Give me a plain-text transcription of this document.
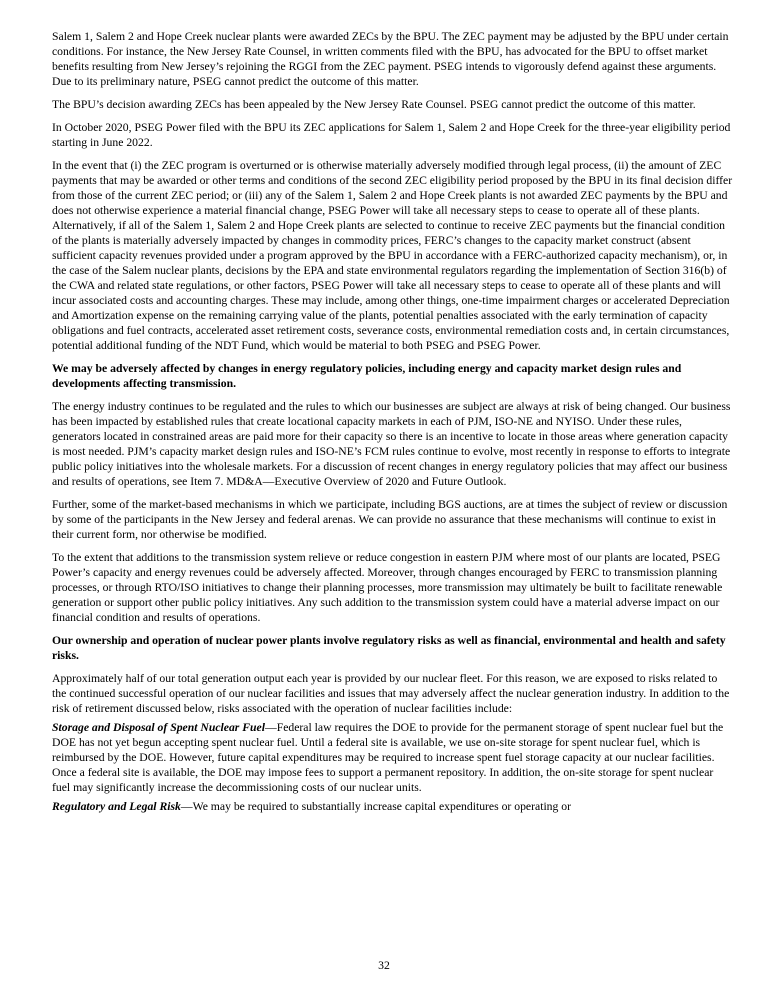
Salem 1, Salem 2 and Hope Creek nuclear plants were awarded ZECs by the BPU. The ZEC payment may be adjusted by the BPU under certain conditions. For instance, the New Jersey Rate Counsel, in written comments filed with the BPU, has advocated for the BPU to offset market benefits resulting from New Jersey’s rejoining the RGGI from the ZEC payment. PSEG intends to vigorously defend against these arguments. Due to its preliminary nature, PSEG cannot predict the outcome of this matter.

The BPU’s decision awarding ZECs has been appealed by the New Jersey Rate Counsel. PSEG cannot predict the outcome of this matter.

In October 2020, PSEG Power filed with the BPU its ZEC applications for Salem 1, Salem 2 and Hope Creek for the three-year eligibility period starting in June 2022.

In the event that (i) the ZEC program is overturned or is otherwise materially adversely modified through legal process, (ii) the amount of ZEC payments that may be awarded or other terms and conditions of the second ZEC eligibility period proposed by the BPU in its final decision differ from those of the current ZEC period; or (iii) any of the Salem 1, Salem 2 and Hope Creek plants is not awarded ZEC payments by the BPU and does not otherwise experience a material financial change, PSEG Power will take all necessary steps to cease to operate all of these plants. Alternatively, if all of the Salem 1, Salem 2 and Hope Creek plants are selected to continue to receive ZEC payments but the financial condition of the plants is materially adversely impacted by changes in commodity prices, FERC’s changes to the capacity market construct (absent sufficient capacity revenues provided under a program approved by the BPU in accordance with a FERC-authorized capacity mechanism), or, in the case of the Salem nuclear plants, decisions by the EPA and state environmental regulators regarding the implementation of Section 316(b) of the CWA and related state regulations, or other factors, PSEG Power will take all necessary steps to cease to operate all of these plants and will incur associated costs and accounting charges. These may include, among other things, one-time impairment charges or accelerated Depreciation and Amortization expense on the remaining carrying value of the plants, potential penalties associated with the early termination of capacity obligations and fuel contracts, accelerated asset retirement costs, severance costs, environmental remediation costs and, in certain circumstances, potential additional funding of the NDT Fund, which would be material to both PSEG and PSEG Power.

We may be adversely affected by changes in energy regulatory policies, including energy and capacity market design rules and developments affecting transmission.

The energy industry continues to be regulated and the rules to which our businesses are subject are always at risk of being changed. Our business has been impacted by established rules that create locational capacity markets in each of PJM, ISO-NE and NYISO. Under these rules, generators located in constrained areas are paid more for their capacity so there is an incentive to locate in those areas where generation capacity is most needed. PJM’s capacity market design rules and ISO-NE’s FCM rules continue to evolve, most recently in response to efforts to integrate public policy initiatives into the wholesale markets. For a discussion of recent changes in energy regulatory policies that may affect our business and results of operations, see Item 7. MD&A—Executive Overview of 2020 and Future Outlook.

Further, some of the market-based mechanisms in which we participate, including BGS auctions, are at times the subject of review or discussion by some of the participants in the New Jersey and federal arenas. We can provide no assurance that these mechanisms will continue to exist in their current form, nor otherwise be modified.

To the extent that additions to the transmission system relieve or reduce congestion in eastern PJM where most of our plants are located, PSEG Power’s capacity and energy revenues could be adversely affected. Moreover, through changes encouraged by FERC to transmission planning processes, or through RTO/ISO initiatives to change their planning processes, more transmission may ultimately be built to facilitate renewable generation or support other public policy initiatives. Any such addition to the transmission system could have a material adverse impact on our financial condition and results of operations.

Our ownership and operation of nuclear power plants involve regulatory risks as well as financial, environmental and health and safety risks.

Approximately half of our total generation output each year is provided by our nuclear fleet. For this reason, we are exposed to risks related to the continued successful operation of our nuclear facilities and issues that may adversely affect the nuclear generation industry. In addition to the risk of retirement discussed below, risks associated with the operation of nuclear facilities include:

Storage and Disposal of Spent Nuclear Fuel—Federal law requires the DOE to provide for the permanent storage of spent nuclear fuel but the DOE has not yet begun accepting spent nuclear fuel. Until a federal site is available, we use on-site storage for spent nuclear fuel, which is reimbursed by the DOE. However, future capital expenditures may be required to increase spent fuel storage capacity at our nuclear facilities. Once a federal site is available, the DOE may impose fees to support a permanent repository. In addition, the on-site storage for spent nuclear fuel may significantly increase the decommissioning costs of our nuclear units.

Regulatory and Legal Risk—We may be required to substantially increase capital expenditures or operating or

32
